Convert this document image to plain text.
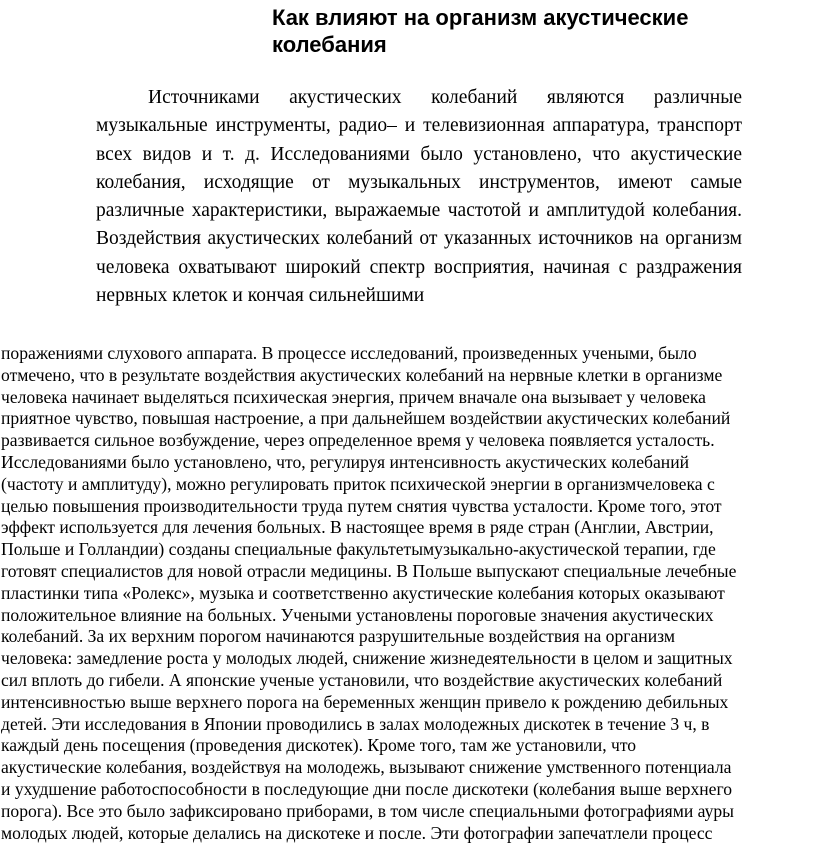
Как влияют на организм акустические колебания

Источниками акустических колебаний являются различные музыкальные инструменты, радио– и телевизионная аппаратура, транспорт всех видов и т. д. Исследованиями было установлено, что акустические колебания, исходящие от музыкальных инструментов, имеют самые различные характеристики, выражаемые частотой и амплитудой колебания. Воздействия акустических колебаний от указанных источников на организм человека охватывают широкий спектр восприятия, начиная с раздражения нервных клеток и кончая сильнейшими

поражениями слухового аппарата. В процессе исследований, произведенных учеными, было
отмечено, что в результате воздействия акустических колебаний на нервные клетки в организме
человека начинает выделяться психическая энергия, причем вначале она вызывает у человека
приятное чувство, повышая настроение, а при дальнейшем воздействии акустических колебаний
развивается сильное возбуждение, через определенное время у человека появляется усталость.
Исследованиями было установлено, что, регулируя интенсивность акустических колебаний
(частоту и амплитуду), можно регулировать приток психической энергии в организмчеловека с
целью повышения производительности труда путем снятия чувства усталости. Кроме того, этот
эффект используется для лечения больных. В настоящее время в ряде стран (Англии, Австрии,
Польше и Голландии) созданы специальные факультетымузыкально-акустической терапии, где
готовят специалистов для новой отрасли медицины. В Польше выпускают специальные лечебные
пластинки типа «Ролекс», музыка и соответственно акустические колебания которых оказывают
положительное влияние на больных. Учеными установлены пороговые значения акустических
колебаний. За их верхним порогом начинаются разрушительные воздействия на организм
человека: замедление роста у молодых людей, снижение жизнедеятельности в целом и защитных
сил вплоть до гибели. А японские ученые установили, что воздействие акустических колебаний
интенсивностью выше верхнего порога на беременных женщин привело к рождению дебильных
детей. Эти исследования в Японии проводились в залах молодежных дискотек в течение 3 ч, в
каждый день посещения (проведения дискотек). Кроме того, там же установили, что
акустические колебания, воздействуя на молодежь, вызывают снижение умственного потенциала
и ухудшение работоспособности в последующие дни после дискотеки (колебания выше верхнего
порога). Все это было зафиксировано приборами, в том числе специальными фотографиями ауры
молодых людей, которые делались на дискотеке и после. Эти фотографии запечатлели процесс
